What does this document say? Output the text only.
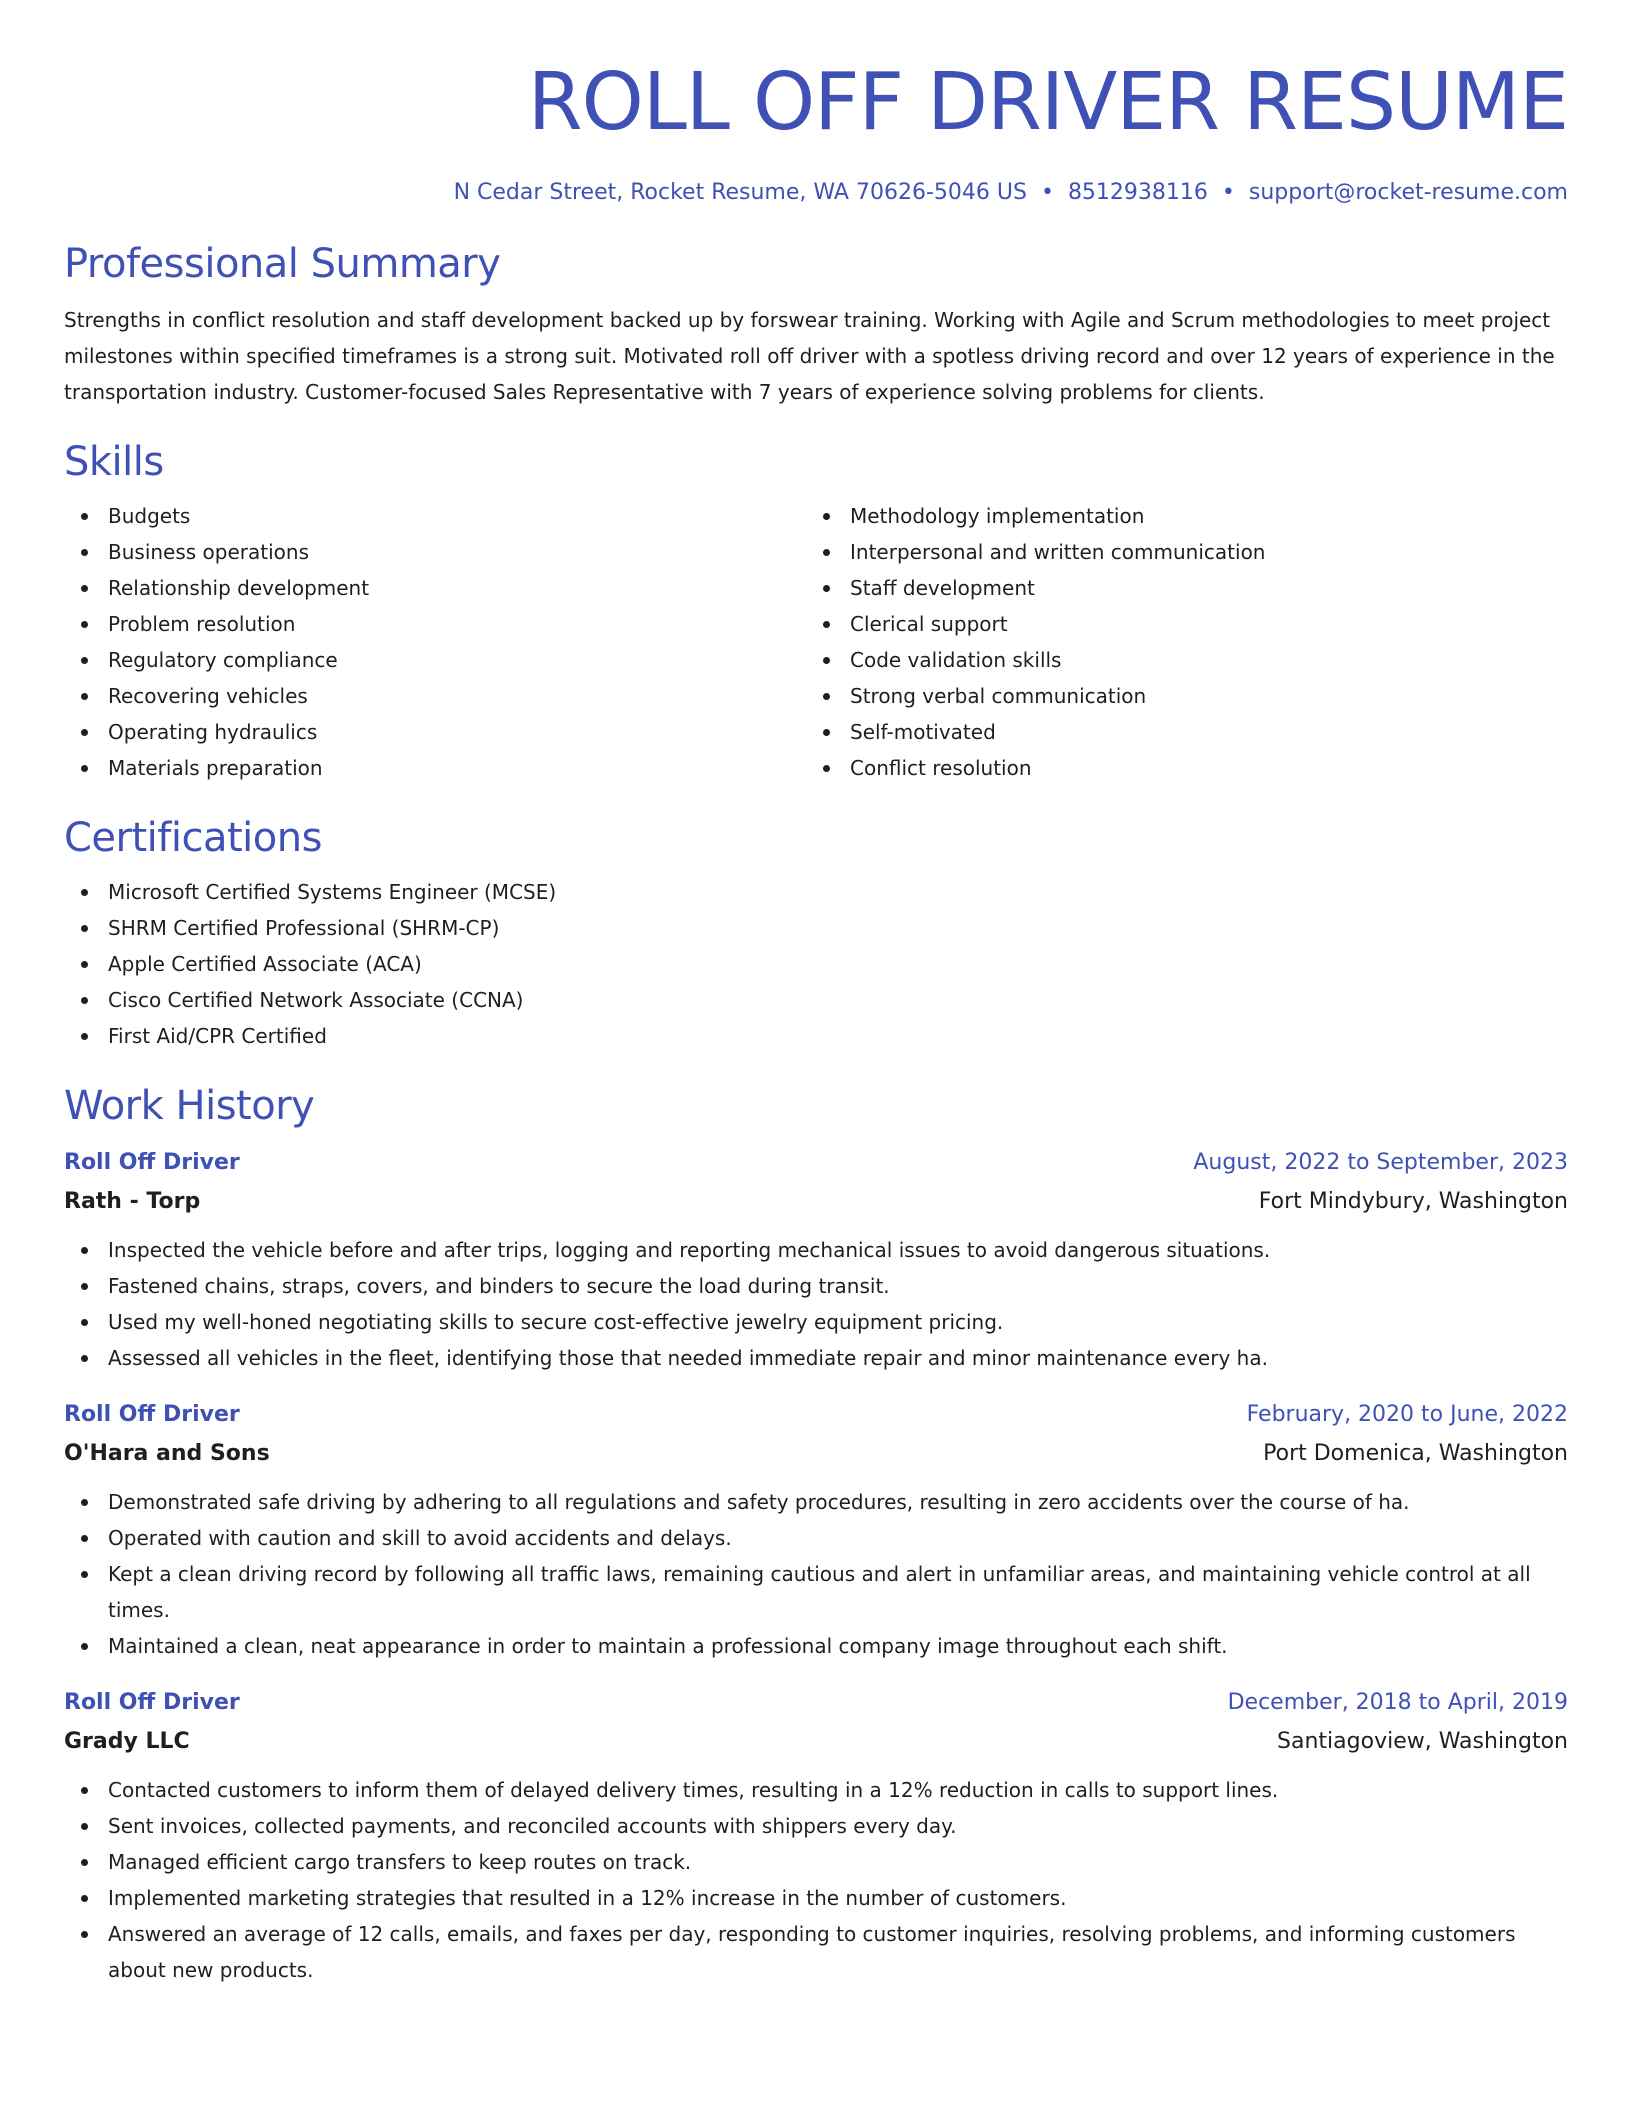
ROLL OFF DRIVER RESUME
N Cedar Street, Rocket Resume, WA 70626-5046 US • 8512938116 • support@rocket-resume.com
Professional Summary

Strengths in conflict resolution and staff development backed up by forswear training. Working with Agile and Scrum methodologies to meet project milestones within specified timeframes is a strong suit. Motivated roll off driver with a spotless driving record and over 12 years of experience in the transportation industry. Customer-focused Sales Representative with 7 years of experience solving problems for clients.

Skills
Budgets
Business operations
Relationship development
Problem resolution
Regulatory compliance
Recovering vehicles
Operating hydraulics
Materials preparation
Methodology implementation
Interpersonal and written communication
Staff development
Clerical support
Code validation skills
Strong verbal communication
Self-motivated
Conflict resolution
Certifications
Microsoft Certified Systems Engineer (MCSE)
SHRM Certified Professional (SHRM-CP)
Apple Certified Associate (ACA)
Cisco Certified Network Associate (CCNA)
First Aid/CPR Certified
Work History
Roll Off Driver	August, 2022 to September, 2023
Rath - Torp	Fort Mindybury, Washington
Inspected the vehicle before and after trips, logging and reporting mechanical issues to avoid dangerous situations.
Fastened chains, straps, covers, and binders to secure the load during transit.
Used my well-honed negotiating skills to secure cost-effective jewelry equipment pricing.
Assessed all vehicles in the fleet, identifying those that needed immediate repair and minor maintenance every ha.
Roll Off Driver	February, 2020 to June, 2022
O'Hara and Sons	Port Domenica, Washington
Demonstrated safe driving by adhering to all regulations and safety procedures, resulting in zero accidents over the course of ha.
Operated with caution and skill to avoid accidents and delays.
Kept a clean driving record by following all traffic laws, remaining cautious and alert in unfamiliar areas, and maintaining vehicle control at all times.
Maintained a clean, neat appearance in order to maintain a professional company image throughout each shift.
Roll Off Driver	December, 2018 to April, 2019
Grady LLC	Santiagoview, Washington
Contacted customers to inform them of delayed delivery times, resulting in a 12% reduction in calls to support lines.
Sent invoices, collected payments, and reconciled accounts with shippers every day.
Managed efficient cargo transfers to keep routes on track.
Implemented marketing strategies that resulted in a 12% increase in the number of customers.
Answered an average of 12 calls, emails, and faxes per day, responding to customer inquiries, resolving problems, and informing customers about new products.
